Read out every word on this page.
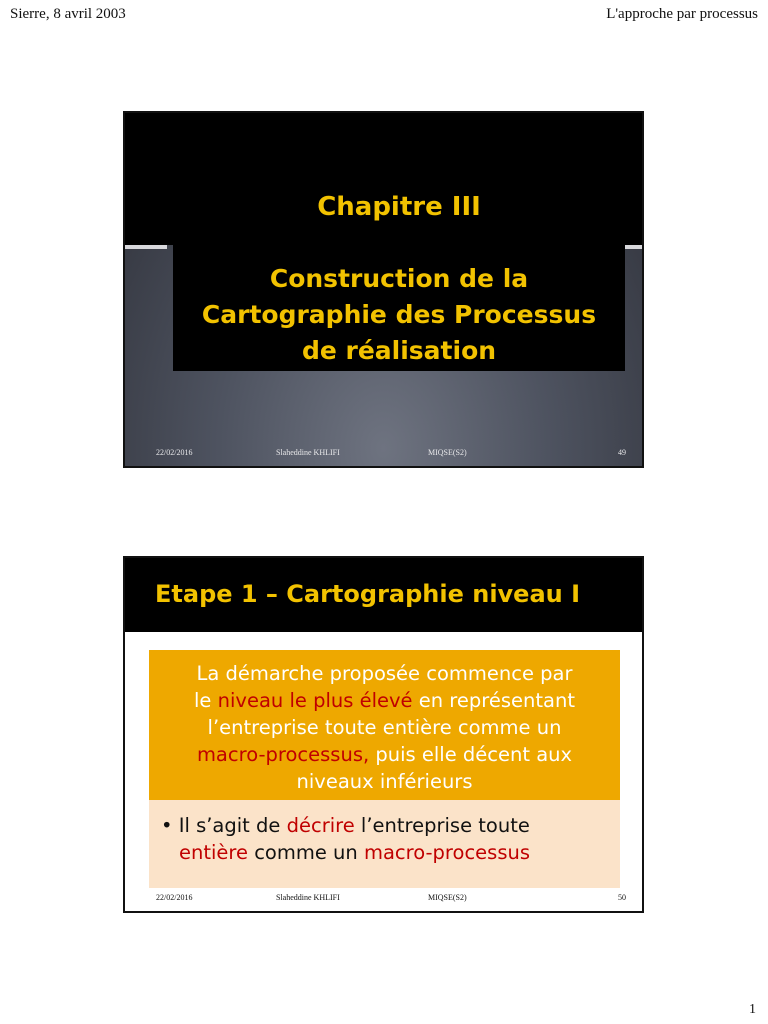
Sierre, 8 avril 2003	L'approche par processus
Chapitre III
Construction de la
Cartographie des Processus
de réalisation
22/02/2016	Slaheddine KHLIFI	MIQSE(S2)	49
Etape 1 – Cartographie niveau I
La démarche proposée commence par
le niveau le plus élevé en représentant
l’entreprise toute entière comme un
macro-processus, puis elle décent aux
niveaux inférieurs
• Il s’agit de décrire l’entreprise toute
entière comme un macro-processus
22/02/2016	Slaheddine KHLIFI	MIQSE(S2)	50
1
